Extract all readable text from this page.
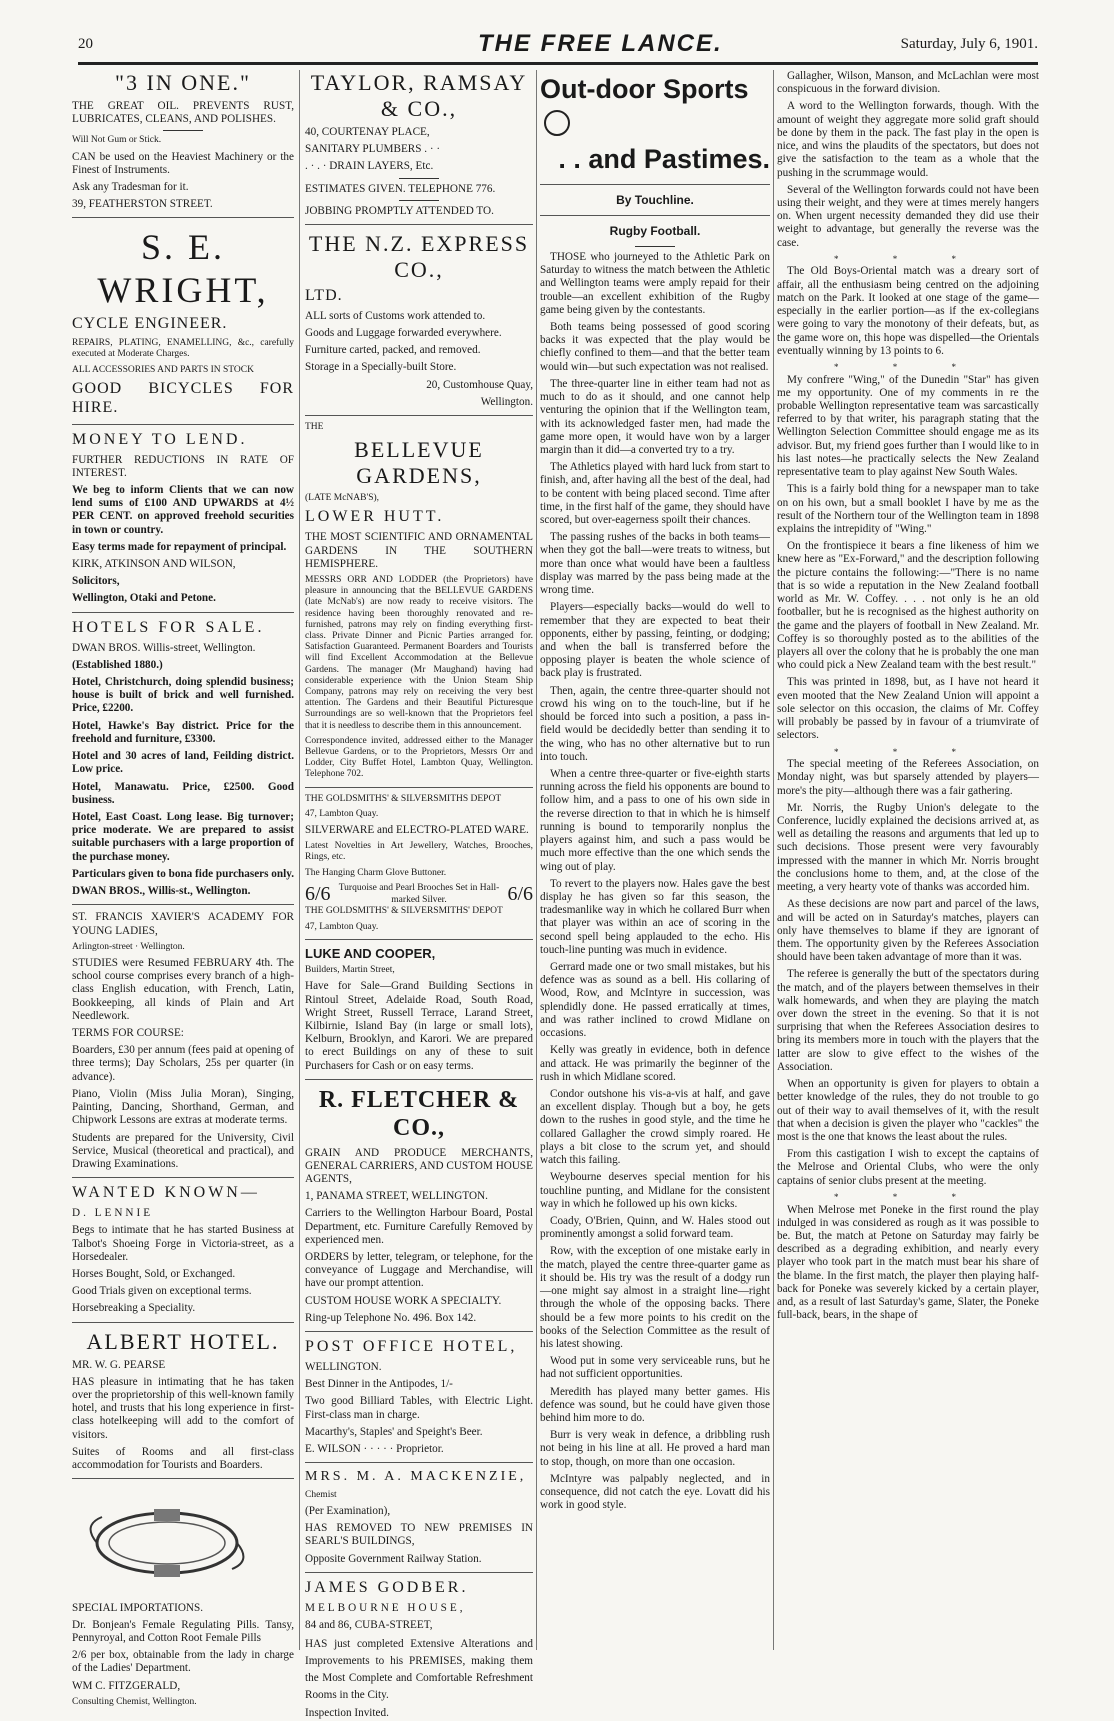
20	THE FREE LANCE.	Saturday, July 6, 1901.
"3 IN ONE."

THE GREAT OIL. PREVENTS RUST, LUBRICATES, CLEANS, AND POLISHES.

Will Not Gum or Stick.

CAN be used on the Heaviest Machinery or the Finest of Instruments.

Ask any Tradesman for it.

39, FEATHERSTON STREET.

S. E. WRIGHT,

CYCLE ENGINEER.

REPAIRS, PLATING, ENAMELLING, &c., carefully executed at Moderate Charges.

ALL ACCESSORIES AND PARTS IN STOCK

GOOD BICYCLES FOR HIRE.

MONEY TO LEND.

FURTHER REDUCTIONS IN RATE OF INTEREST.

We beg to inform Clients that we can now lend sums of £100 AND UPWARDS at 4½ PER CENT. on approved freehold securities in town or country.

Easy terms made for repayment of principal.

KIRK, ATKINSON AND WILSON,

Solicitors,

Wellington, Otaki and Petone.

HOTELS FOR SALE.

DWAN BROS. Willis-street, Wellington.

(Established 1880.)

Hotel, Christchurch, doing splendid business; house is built of brick and well furnished. Price, £2200.

Hotel, Hawke's Bay district. Price for the freehold and furniture, £3300.

Hotel and 30 acres of land, Feilding district. Low price.

Hotel, Manawatu. Price, £2500. Good business.

Hotel, East Coast. Long lease. Big turnover; price moderate. We are prepared to assist suitable purchasers with a large proportion of the purchase money.

Particulars given to bona fide purchasers only.

DWAN BROS., Willis-st., Wellington.

ST. FRANCIS XAVIER'S ACADEMY FOR YOUNG LADIES,

Arlington-street · Wellington.

STUDIES were Resumed FEBRUARY 4th. The school course comprises every branch of a high-class English education, with French, Latin, Bookkeeping, all kinds of Plain and Art Needlework.

TERMS FOR COURSE:

Boarders, £30 per annum (fees paid at opening of three terms); Day Scholars, 25s per quarter (in advance).

Piano, Violin (Miss Julia Moran), Singing, Painting, Dancing, Shorthand, German, and Chipwork Lessons are extras at moderate terms.

Students are prepared for the University, Civil Service, Musical (theoretical and practical), and Drawing Examinations.

WANTED KNOWN—

D. LENNIE

Begs to intimate that he has started Business at Talbot's Shoeing Forge in Victoria-street, as a Horsedealer.

Horses Bought, Sold, or Exchanged.

Good Trials given on exceptional terms.

Horsebreaking a Speciality.

ALBERT HOTEL.

MR. W. G. PEARSE

HAS pleasure in intimating that he has taken over the proprietorship of this well-known family hotel, and trusts that his long experience in first-class hotelkeeping will add to the comfort of visitors.

Suites of Rooms and all first-class accommodation for Tourists and Boarders.

SPECIAL IMPORTATIONS.

Dr. Bonjean's Female Regulating Pills. Tansy, Pennyroyal, and Cotton Root Female Pills

2/6 per box, obtainable from the lady in charge of the Ladies' Department.

WM C. FITZGERALD,

Consulting Chemist, Wellington.

TAYLOR, RAMSAY & CO.,

40, COURTENAY PLACE,

SANITARY PLUMBERS . · ·

. · . · DRAIN LAYERS, Etc.

ESTIMATES GIVEN. TELEPHONE 776.

JOBBING PROMPTLY ATTENDED TO.

THE N.Z. EXPRESS CO.,

LTD.

ALL sorts of Customs work attended to.

Goods and Luggage forwarded everywhere.

Furniture carted, packed, and removed.

Storage in a Specially-built Store.

20, Customhouse Quay,

Wellington.

THE

BELLEVUE GARDENS,

(LATE McNAB'S),

LOWER HUTT.

THE MOST SCIENTIFIC AND ORNAMENTAL GARDENS IN THE SOUTHERN HEMISPHERE.

MESSRS ORR AND LODDER (the Proprietors) have pleasure in announcing that the BELLEVUE GARDENS (late McNab's) are now ready to receive visitors. The residence having been thoroughly renovated and re-furnished, patrons may rely on finding everything first-class. Private Dinner and Picnic Parties arranged for. Satisfaction Guaranteed. Permanent Boarders and Tourists will find Excellent Accommodation at the Bellevue Gardens. The manager (Mr Maughand) having had considerable experience with the Union Steam Ship Company, patrons may rely on receiving the very best attention. The Gardens and their Beautiful Picturesque Surroundings are so well-known that the Proprietors feel that it is needless to describe them in this announcement.

Correspondence invited, addressed either to the Manager Bellevue Gardens, or to the Proprietors, Messrs Orr and Lodder, City Buffet Hotel, Lambton Quay, Wellington. Telephone 702.

THE GOLDSMITHS' & SILVERSMITHS DEPOT

47, Lambton Quay.

SILVERWARE and ELECTRO-PLATED WARE.

Latest Novelties in Art Jewellery, Watches, Brooches, Rings, etc.

The Hanging Charm Glove Buttoner.

6/6 Turquoise and Pearl Brooches Set in Hall-marked Silver.	6/6

THE GOLDSMITHS' & SILVERSMITHS' DEPOT

47, Lambton Quay.

LUKE AND COOPER,

Builders, Martin Street,

Have for Sale—Grand Building Sections in Rintoul Street, Adelaide Road, South Road, Wright Street, Russell Terrace, Larand Street, Kilbirnie, Island Bay (in large or small lots), Kelburn, Brooklyn, and Karori. We are prepared to erect Buildings on any of these to suit Purchasers for Cash or on easy terms.

R. FLETCHER & CO.,

GRAIN AND PRODUCE MERCHANTS, GENERAL CARRIERS, AND CUSTOM HOUSE AGENTS,

1, PANAMA STREET, WELLINGTON.

Carriers to the Wellington Harbour Board, Postal Department, etc. Furniture Carefully Removed by experienced men.

ORDERS by letter, telegram, or telephone, for the conveyance of Luggage and Merchandise, will have our prompt attention.

CUSTOM HOUSE WORK A SPECIALTY.

Ring-up Telephone No. 496. Box 142.

POST OFFICE HOTEL,

WELLINGTON.

Best Dinner in the Antipodes, 1/-

Two good Billiard Tables, with Electric Light. First-class man in charge.

Macarthy's, Staples' and Speight's Beer.

E. WILSON · · · · · Proprietor.

MRS. M. A. MACKENZIE,

Chemist

(Per Examination),

HAS REMOVED TO NEW PREMISES IN SEARL'S BUILDINGS,

Opposite Government Railway Station.

JAMES GODBER.

MELBOURNE HOUSE,

84 and 86, CUBA-STREET,

HAS just completed Extensive Alterations and Improvements to his PREMISES, making them the Most Complete and Comfortable Refreshment Rooms in the City.

Inspection Invited.

Out-door Sports
. . and Pastimes.
By Touchline.
Rugby Football.

THOSE who journeyed to the Athletic Park on Saturday to witness the match between the Athletic and Wellington teams were amply repaid for their trouble—an excellent exhibition of the Rugby game being given by the contestants.

Both teams being possessed of good scoring backs it was expected that the play would be chiefly confined to them—and that the better team would win—but such expectation was not realised.

The three-quarter line in either team had not as much to do as it should, and one cannot help venturing the opinion that if the Wellington team, with its acknowledged faster men, had made the game more open, it would have won by a larger margin than it did—a converted try to a try.

The Athletics played with hard luck from start to finish, and, after having all the best of the deal, had to be content with being placed second. Time after time, in the first half of the game, they should have scored, but over-eagerness spoilt their chances.

The passing rushes of the backs in both teams—when they got the ball—were treats to witness, but more than once what would have been a faultless display was marred by the pass being made at the wrong time.

Players—especially backs—would do well to remember that they are expected to beat their opponents, either by passing, feinting, or dodging; and when the ball is transferred before the opposing player is beaten the whole science of back play is frustrated.

Then, again, the centre three-quarter should not crowd his wing on to the touch-line, but if he should be forced into such a position, a pass in-field would be decidedly better than sending it to the wing, who has no other alternative but to run into touch.

When a centre three-quarter or five-eighth starts running across the field his opponents are bound to follow him, and a pass to one of his own side in the reverse direction to that in which he is himself running is bound to temporarily nonplus the players against him, and such a pass would be much more effective than the one which sends the wing out of play.

To revert to the players now. Hales gave the best display he has given so far this season, the tradesmanlike way in which he collared Burr when that player was within an ace of scoring in the second spell being applauded to the echo. His touch-line punting was much in evidence.

Gerrard made one or two small mistakes, but his defence was as sound as a bell. His collaring of Wood, Row, and McIntyre in succession, was splendidly done. He passed erratically at times, and was rather inclined to crowd Midlane on occasions.

Kelly was greatly in evidence, both in defence and attack. He was primarily the beginner of the rush in which Midlane scored.

Condor outshone his vis-a-vis at half, and gave an excellent display. Though but a boy, he gets down to the rushes in good style, and the time he collared Gallagher the crowd simply roared. He plays a bit close to the scrum yet, and should watch this failing.

Weybourne deserves special mention for his touchline punting, and Midlane for the consistent way in which he followed up his own kicks.

Coady, O'Brien, Quinn, and W. Hales stood out prominently amongst a solid forward team.

Row, with the exception of one mistake early in the match, played the centre three-quarter game as it should be. His try was the result of a dodgy run—one might say almost in a straight line—right through the whole of the opposing backs. There should be a few more points to his credit on the books of the Selection Committee as the result of his latest showing.

Wood put in some very serviceable runs, but he had not sufficient opportunities.

Meredith has played many better games. His defence was sound, but he could have given those behind him more to do.

Burr is very weak in defence, a dribbling rush not being in his line at all. He proved a hard man to stop, though, on more than one occasion.

McIntyre was palpably neglected, and in consequence, did not catch the eye. Lovatt did his work in good style.

Gallagher, Wilson, Manson, and McLachlan were most conspicuous in the forward division.

A word to the Wellington forwards, though. With the amount of weight they aggregate more solid graft should be done by them in the pack. The fast play in the open is nice, and wins the plaudits of the spectators, but does not give the satisfaction to the team as a whole that the pushing in the scrummage would.

Several of the Wellington forwards could not have been using their weight, and they were at times merely hangers on. When urgent necessity demanded they did use their weight to advantage, but generally the reverse was the case.

* * *

The Old Boys-Oriental match was a dreary sort of affair, all the enthusiasm being centred on the adjoining match on the Park. It looked at one stage of the game—especially in the earlier portion—as if the ex-collegians were going to vary the monotony of their defeats, but, as the game wore on, this hope was dispelled—the Orientals eventually winning by 13 points to 6.

* * *

My confrere "Wing," of the Dunedin "Star" has given me my opportunity. One of my comments in re the probable Wellington representative team was sarcastically referred to by that writer, his paragraph stating that the Wellington Selection Committee should engage me as its advisor. But, my friend goes further than I would like to in his last notes—he practically selects the New Zealand representative team to play against New South Wales.

This is a fairly bold thing for a newspaper man to take on on his own, but a small booklet I have by me as the result of the Northern tour of the Wellington team in 1898 explains the intrepidity of "Wing."

On the frontispiece it bears a fine likeness of him we knew here as "Ex-Forward," and the description following the picture contains the following:—"There is no name that is so wide a reputation in the New Zealand football world as Mr. W. Coffey. . . . not only is he an old footballer, but he is recognised as the highest authority on the game and the players of football in New Zealand. Mr. Coffey is so thoroughly posted as to the abilities of the players all over the colony that he is probably the one man who could pick a New Zealand team with the best result."

This was printed in 1898, but, as I have not heard it even mooted that the New Zealand Union will appoint a sole selector on this occasion, the claims of Mr. Coffey will probably be passed by in favour of a triumvirate of selectors.

* * *

The special meeting of the Referees Association, on Monday night, was but sparsely attended by players—more's the pity—although there was a fair gathering.

Mr. Norris, the Rugby Union's delegate to the Conference, lucidly explained the decisions arrived at, as well as detailing the reasons and arguments that led up to such decisions. Those present were very favourably impressed with the manner in which Mr. Norris brought the conclusions home to them, and, at the close of the meeting, a very hearty vote of thanks was accorded him.

As these decisions are now part and parcel of the laws, and will be acted on in Saturday's matches, players can only have themselves to blame if they are ignorant of them. The opportunity given by the Referees Association should have been taken advantage of more than it was.

The referee is generally the butt of the spectators during the match, and of the players between themselves in their walk homewards, and when they are playing the match over down the street in the evening. So that it is not surprising that when the Referees Association desires to bring its members more in touch with the players that the latter are slow to give effect to the wishes of the Association.

When an opportunity is given for players to obtain a better knowledge of the rules, they do not trouble to go out of their way to avail themselves of it, with the result that when a decision is given the player who "cackles" the most is the one that knows the least about the rules.

From this castigation I wish to except the captains of the Melrose and Oriental Clubs, who were the only captains of senior clubs present at the meeting.

* * *

When Melrose met Poneke in the first round the play indulged in was considered as rough as it was possible to be. But, the match at Petone on Saturday may fairly be described as a degrading exhibition, and nearly every player who took part in the match must bear his share of the blame. In the first match, the player then playing half-back for Poneke was severely kicked by a certain player, and, as a result of last Saturday's game, Slater, the Poneke full-back, bears, in the shape of
